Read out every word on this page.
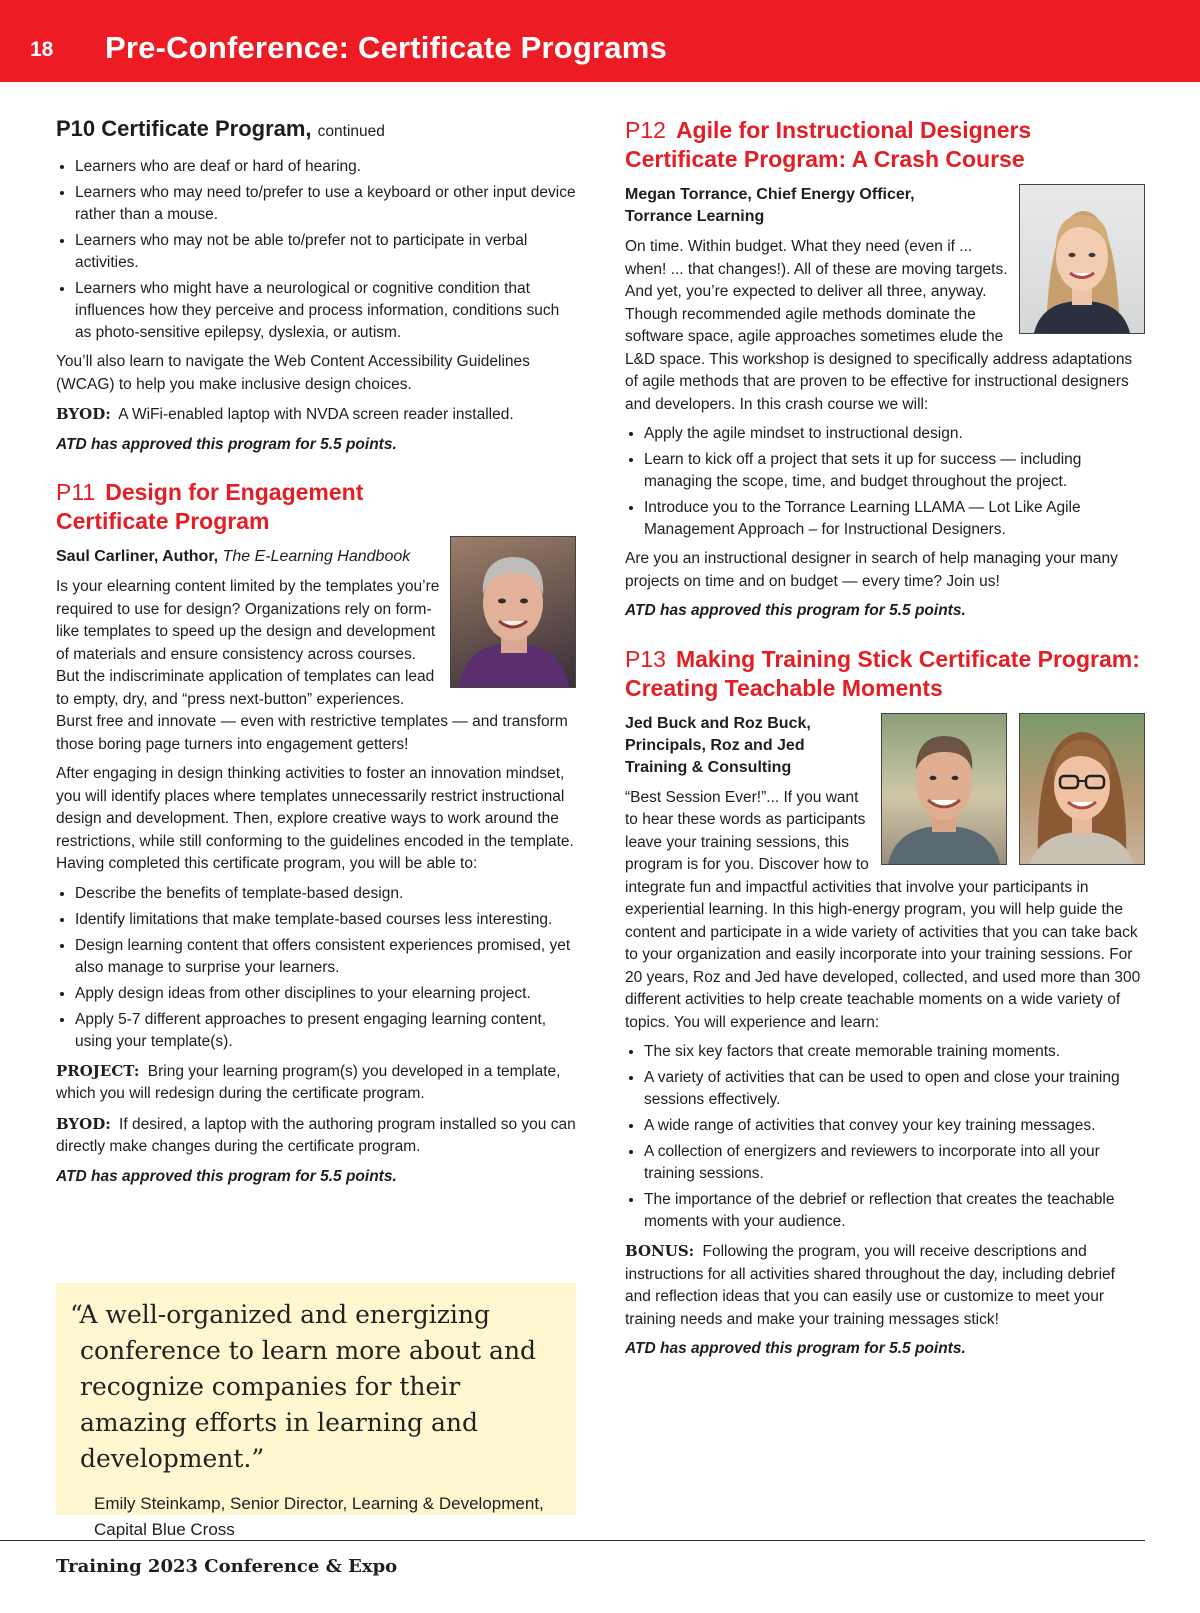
18 Pre-Conference: Certificate Programs
P10 Certificate Program, continued
• Learners who are deaf or hard of hearing.
• Learners who may need to/prefer to use a keyboard or other input device rather than a mouse.
• Learners who may not be able to/prefer not to participate in verbal activities.
• Learners who might have a neurological or cognitive condition that influences how they perceive and process information, conditions such as photo-sensitive epilepsy, dyslexia, or autism.

You’ll also learn to navigate the Web Content Accessibility Guidelines (WCAG) to help you make inclusive design choices.

BYOD: A WiFi-enabled laptop with NVDA screen reader installed.

ATD has approved this program for 5.5 points.

P11 Design for Engagement
Certificate Program

Saul Carliner, Author, The E-Learning Handbook

Is your elearning content limited by the templates you’re required to use for design? Organizations rely on form-like templates to speed up the design and development of materials and ensure consistency across courses. But the indiscriminate application of templates can lead to empty, dry, and “press next-button” experiences. Burst free and innovate — even with restrictive templates — and transform those boring page turners into engagement getters!

After engaging in design thinking activities to foster an innovation mindset, you will identify places where templates unnecessarily restrict instructional design and development. Then, explore creative ways to work around the restrictions, while still conforming to the guidelines encoded in the template. Having completed this certificate program, you will be able to:

• Describe the benefits of template-based design.
• Identify limitations that make template-based courses less interesting.
• Design learning content that offers consistent experiences promised, yet also manage to surprise your learners.
• Apply design ideas from other disciplines to your elearning project.
• Apply 5-7 different approaches to present engaging learning content, using your template(s).

PROJECT: Bring your learning program(s) you developed in a template, which you will redesign during the certificate program.

BYOD: If desired, a laptop with the authoring program installed so you can directly make changes during the certificate program.

ATD has approved this program for 5.5 points.

“A well-organized and energizing conference to learn more about and recognize companies for their amazing efforts in learning and development.”

Emily Steinkamp, Senior Director, Learning & Development,
Capital Blue Cross

P12 Agile for Instructional Designers
Certificate Program: A Crash Course

Megan Torrance, Chief Energy Officer,
Torrance Learning

On time. Within budget. What they need (even if ... when! ... that changes!). All of these are moving targets. And yet, you’re expected to deliver all three, anyway. Though recommended agile methods dominate the software space, agile approaches sometimes elude the L&D space. This workshop is designed to specifically address adaptations of agile methods that are proven to be effective for instructional designers and developers. In this crash course we will:

• Apply the agile mindset to instructional design.
• Learn to kick off a project that sets it up for success — including managing the scope, time, and budget throughout the project.
• Introduce you to the Torrance Learning LLAMA — Lot Like Agile Management Approach – for Instructional Designers.

Are you an instructional designer in search of help managing your many projects on time and on budget — every time? Join us!

ATD has approved this program for 5.5 points.

P13 Making Training Stick Certificate Program:
Creating Teachable Moments

Jed Buck and Roz Buck,
Principals, Roz and Jed
Training & Consulting

“Best Session Ever!”... If you want to hear these words as participants leave your training sessions, this program is for you. Discover how to integrate fun and impactful activities that involve your participants in experiential learning. In this high-energy program, you will help guide the content and participate in a wide variety of activities that you can take back to your organization and easily incorporate into your training sessions. For 20 years, Roz and Jed have developed, collected, and used more than 300 different activities to help create teachable moments on a wide variety of topics. You will experience and learn:

• The six key factors that create memorable training moments.
• A variety of activities that can be used to open and close your training sessions effectively.
• A wide range of activities that convey your key training messages.
• A collection of energizers and reviewers to incorporate into all your training sessions.
• The importance of the debrief or reflection that creates the teachable moments with your audience.

BONUS: Following the program, you will receive descriptions and instructions for all activities shared throughout the day, including debrief and reflection ideas that you can easily use or customize to meet your training needs and make your training messages stick!

ATD has approved this program for 5.5 points.

Training 2023 Conference & Expo
